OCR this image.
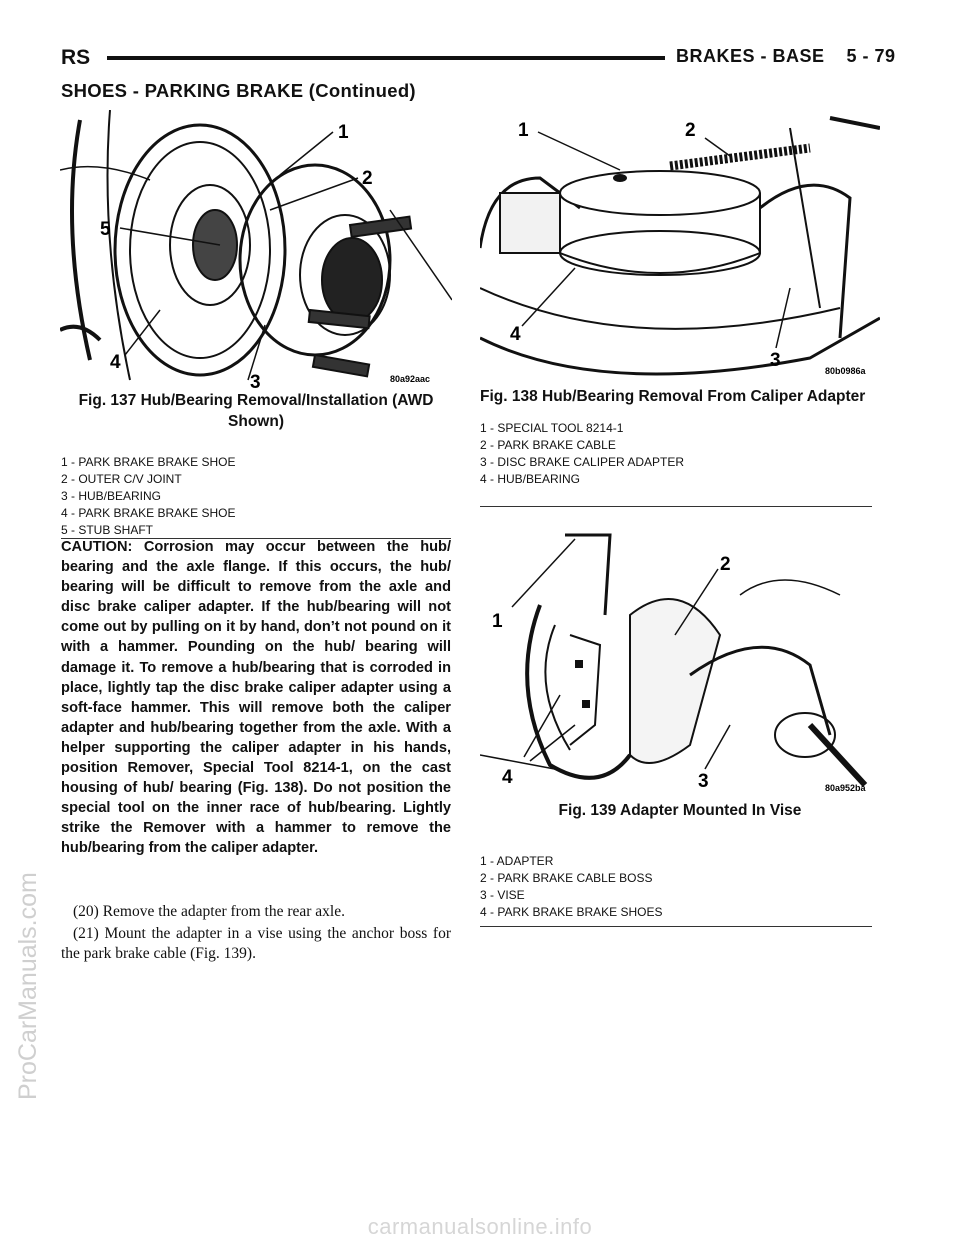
RS	BRAKES - BASE    5 - 79
SHOES - PARKING BRAKE (Continued)
1
2
3
4
5
80a92aac
Fig. 137 Hub/Bearing Removal/Installation (AWD Shown)
1 - PARK BRAKE BRAKE SHOE
2 - OUTER C/V JOINT
3 - HUB/BEARING
4 - PARK BRAKE BRAKE SHOE
5 - STUB SHAFT
1	2
3
4
80b0986a
Fig. 138 Hub/Bearing Removal From Caliper Adapter
1 - SPECIAL TOOL 8214-1
2 - PARK BRAKE CABLE
3 - DISC BRAKE CALIPER ADAPTER
4 - HUB/BEARING
1
2
3
4	80a952ba
Fig. 139 Adapter Mounted In Vise
1 - ADAPTER
2 - PARK BRAKE CABLE BOSS
3 - VISE
4 - PARK BRAKE BRAKE SHOES

CAUTION: Corrosion may occur between the hub/ bearing and the axle flange. If this occurs, the hub/ bearing will be difficult to remove from the axle and disc brake caliper adapter. If the hub/bearing will not come out by pulling on it by hand, don’t not pound on it with a hammer. Pounding on the hub/ bearing will damage it. To remove a hub/bearing that is corroded in place, lightly tap the disc brake caliper adapter using a soft-face hammer. This will remove both the caliper adapter and hub/bearing together from the axle. With a helper supporting the caliper adapter in his hands, position Remover, Special Tool 8214-1, on the cast housing of hub/ bearing (Fig. 138). Do not position the special tool on the inner race of hub/bearing. Lightly strike the Remover with a hammer to remove the hub/bearing from the caliper adapter.

(20) Remove the adapter from the rear axle.

(21) Mount the adapter in a vise using the anchor boss for the park brake cable (Fig. 139).

ProCarManuals.com
carmanualsonline.info
